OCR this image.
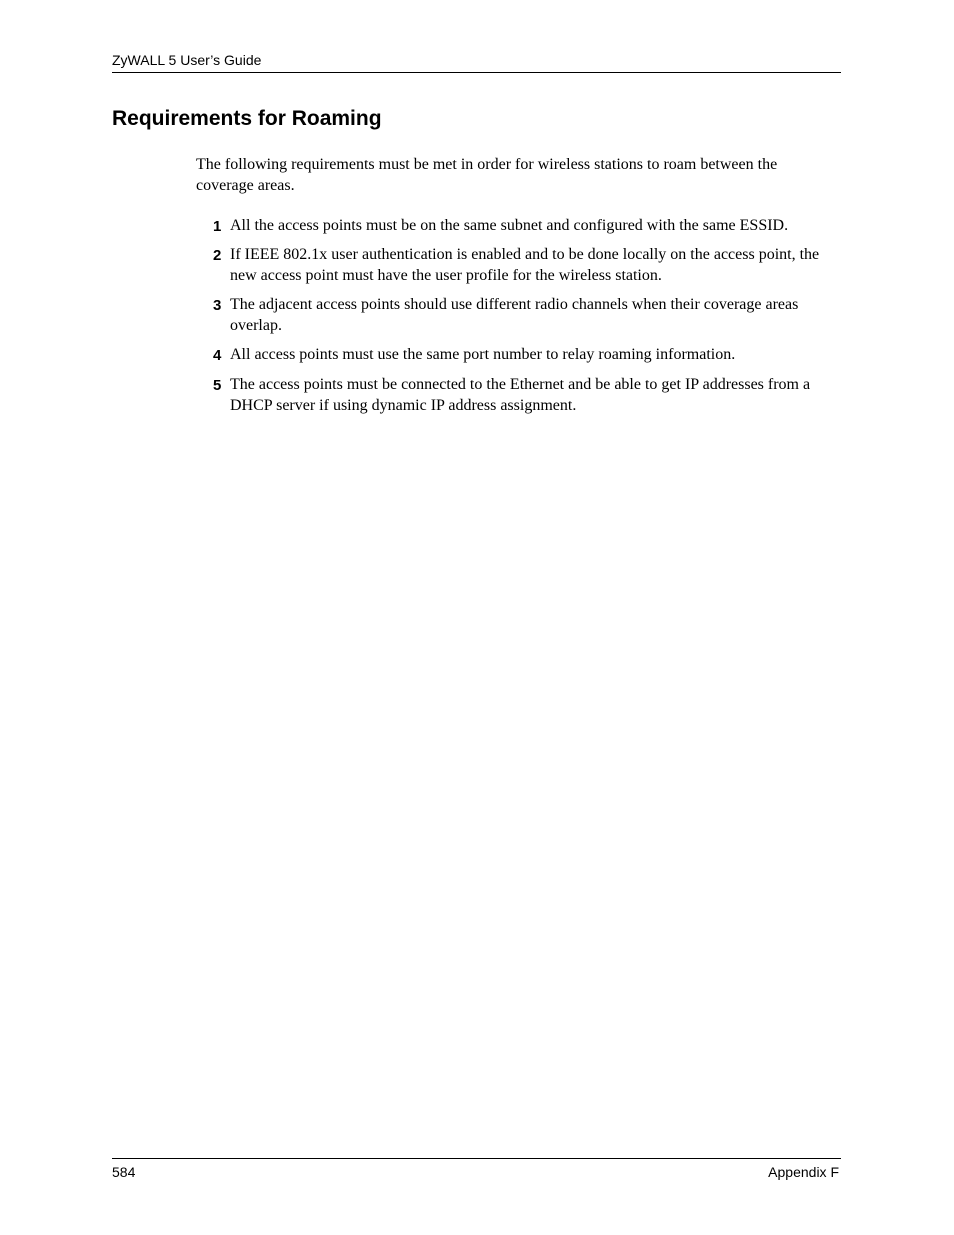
ZyWALL 5 User’s Guide
Requirements for Roaming

The following requirements must be met in order for wireless stations to roam between the coverage areas.

1 All the access points must be on the same subnet and configured with the same ESSID.
2 If IEEE 802.1x user authentication is enabled and to be done locally on the access point, the new access point must have the user profile for the wireless station.
3 The adjacent access points should use different radio channels when their coverage areas overlap.
4 All access points must use the same port number to relay roaming information.
5 The access points must be connected to the Ethernet and be able to get IP addresses from a DHCP server if using dynamic IP address assignment.
584	Appendix F
